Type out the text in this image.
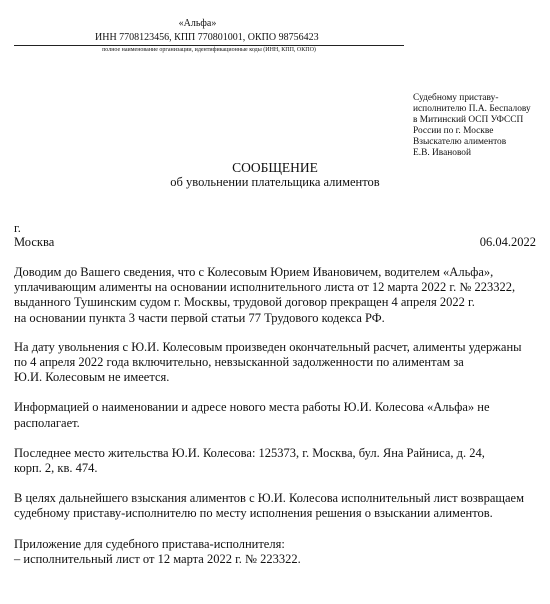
«Альфа»
ИНН 7708123456, КПП 770801001, ОКПО 98756423
полное наименование организации, идентификационные коды (ИНН, КПП, ОКПО)
Судебному приставу-
исполнителю П.А. Беспалову
в Митинский ОСП УФССП
России по г. Москве
Взыскателю алиментов
Е.В. Ивановой
СООБЩЕНИЕ
об увольнении плательщика алиментов
г.
Москва	06.04.2022

Доводим до Вашего сведения, что с Колесовым Юрием Ивановичем, водителем «Альфа»,
уплачивающим алименты на основании исполнительного листа от 12 марта 2022 г. № 223322,
выданного Тушинским судом г. Москвы, трудовой договор прекращен 4 апреля 2022 г.
на основании пункта 3 части первой статьи 77 Трудового кодекса РФ.

На дату увольнения с Ю.И. Колесовым произведен окончательный расчет, алименты удержаны
по 4 апреля 2022 года включительно, невзысканной задолженности по алиментам за
Ю.И. Колесовым не имеется.

Информацией о наименовании и адресе нового места работы Ю.И. Колесова «Альфа» не
располагает.

Последнее место жительства Ю.И. Колесова: 125373, г. Москва, бул. Яна Райниса, д. 24,
корп. 2, кв. 474.

В целях дальнейшего взыскания алиментов с Ю.И. Колесова исполнительный лист возвращаем
судебному приставу-исполнителю по месту исполнения решения о взыскании алиментов.

Приложение для судебного пристава-исполнителя:
– исполнительный лист от 12 марта 2022 г. № 223322.
